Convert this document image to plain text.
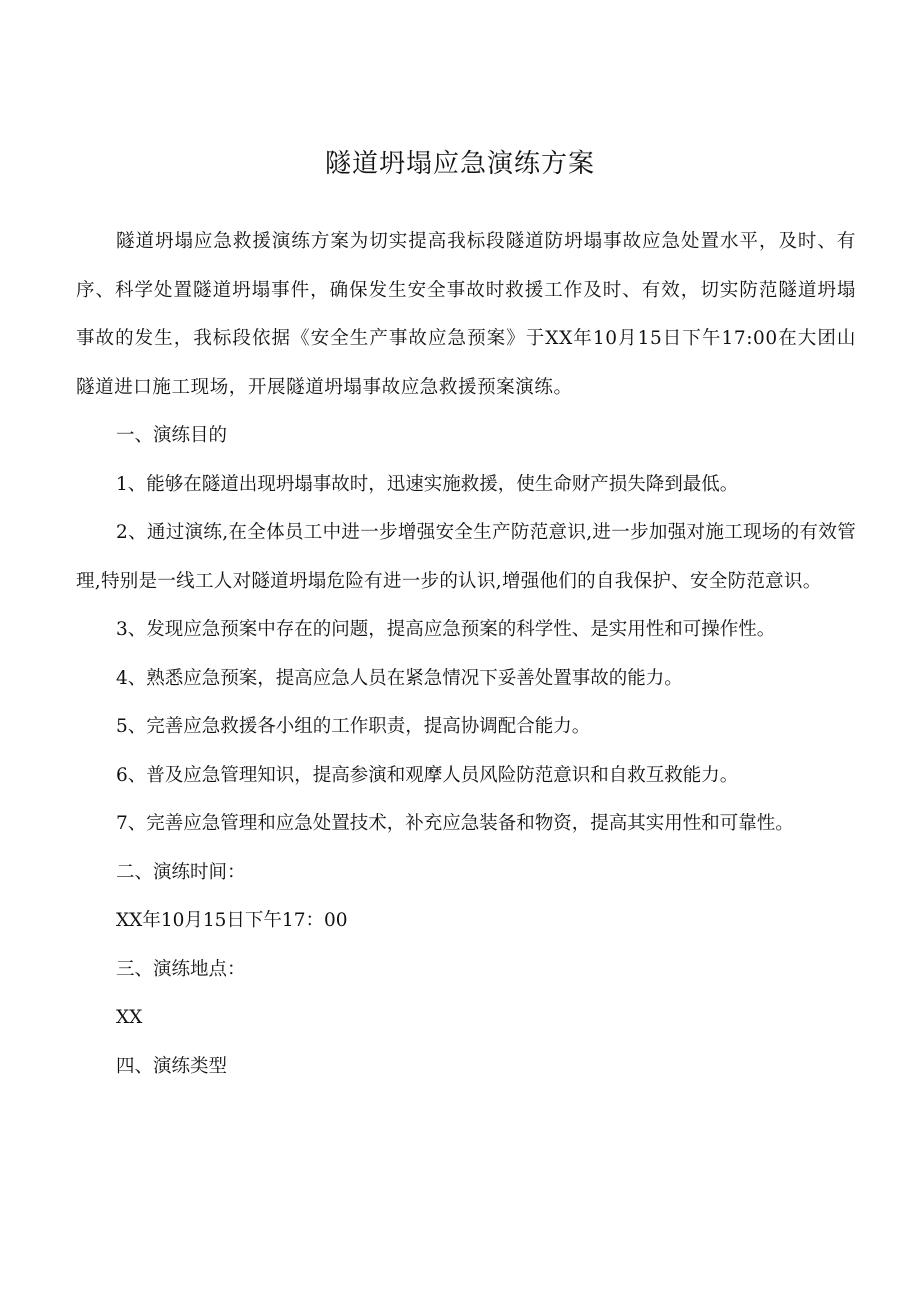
隧道坍塌应急演练方案

隧道坍塌应急救援演练方案为切实提高我标段隧道防坍塌事故应急处置水平，及时、有序、科学处置隧道坍塌事件，确保发生安全事故时救援工作及时、有效，切实防范隧道坍塌事故的发生，我标段依据《安全生产事故应急预案》于XX年10月15日下午17:00在大团山隧道进口施工现场，开展隧道坍塌事故应急救援预案演练。

一、演练目的

1、能够在隧道出现坍塌事故时，迅速实施救援，使生命财产损失降到最低。

2、通过演练,在全体员工中进一步增强安全生产防范意识,进一步加强对施工现场的有效管理,特别是一线工人对隧道坍塌危险有进一步的认识,增强他们的自我保护、安全防范意识。

3、发现应急预案中存在的问题，提高应急预案的科学性、是实用性和可操作性。

4、熟悉应急预案，提高应急人员在紧急情况下妥善处置事故的能力。

5、完善应急救援各小组的工作职责，提高协调配合能力。

6、普及应急管理知识，提高参演和观摩人员风险防范意识和自救互救能力。

7、完善应急管理和应急处置技术，补充应急装备和物资，提高其实用性和可靠性。

二、演练时间：

XX年10月15日下午17：00

三、演练地点：

XX

四、演练类型
